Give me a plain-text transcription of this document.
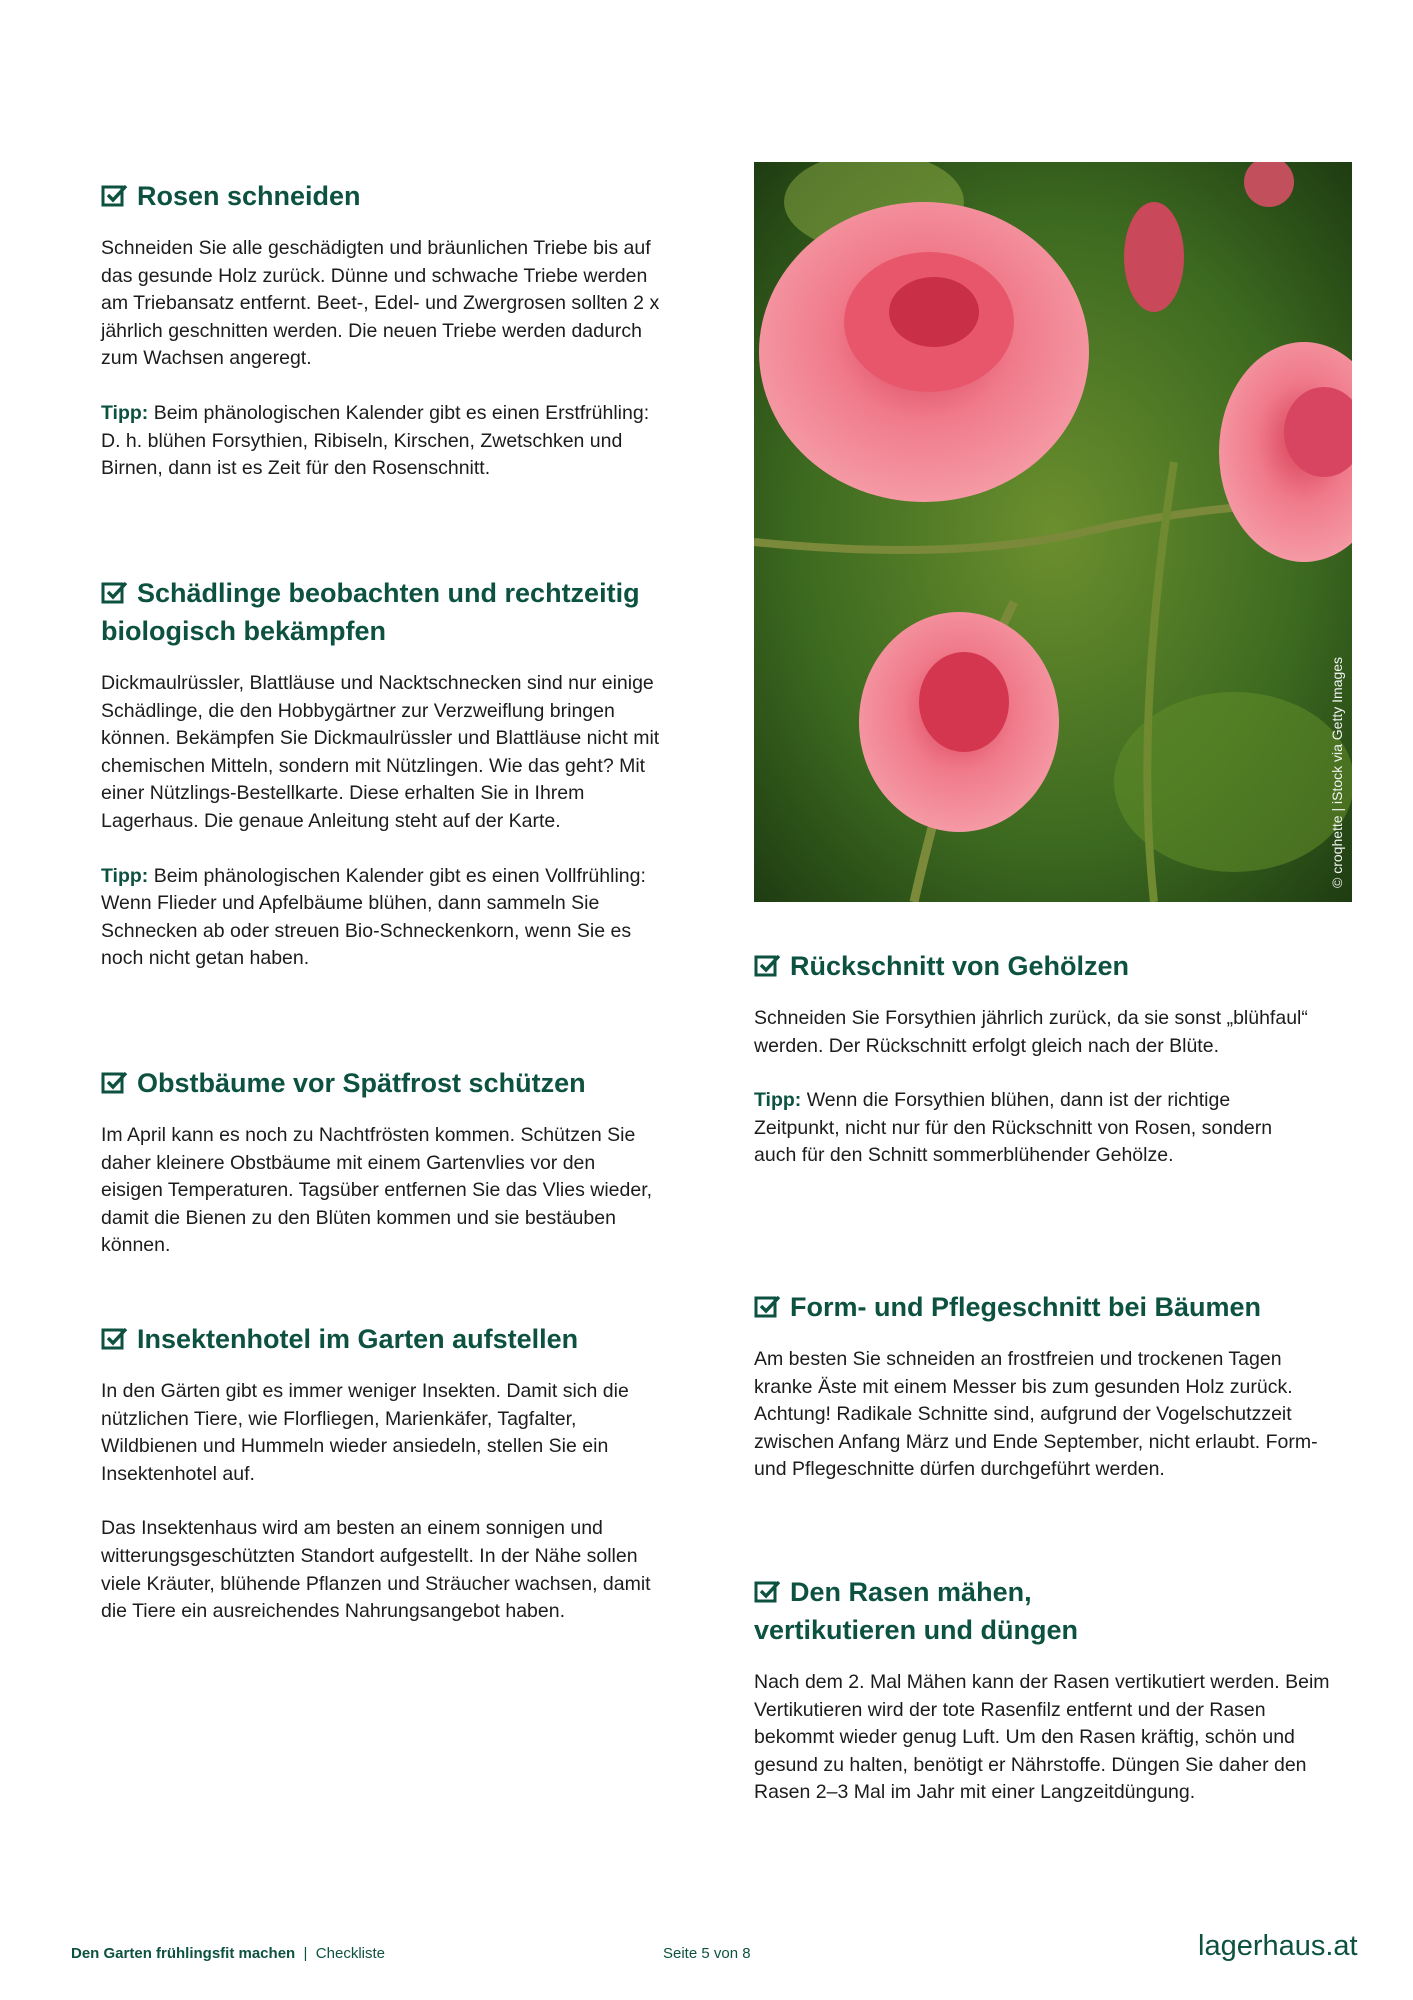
Rosen schneiden

Schneiden Sie alle geschädigten und bräunlichen Triebe bis auf das gesunde Holz zurück. Dünne und schwache Triebe werden am Triebansatz entfernt. Beet-, Edel- und Zwergrosen sollten 2 x jährlich geschnitten werden. Die neuen Triebe werden dadurch zum Wachsen angeregt.

Tipp: Beim phänologischen Kalender gibt es einen Erstfrühling: D. h. blühen Forsythien, Ribiseln, Kirschen, Zwetschken und Birnen, dann ist es Zeit für den Rosenschnitt.

Schädlinge beobachten und rechtzeitig biologisch bekämpfen

Dickmaulrüssler, Blattläuse und Nacktschnecken sind nur einige Schädlinge, die den Hobbygärtner zur Verzweiflung bringen können. Bekämpfen Sie Dickmaulrüssler und Blattläuse nicht mit chemischen Mitteln, sondern mit Nützlingen. Wie das geht? Mit einer Nützlings-Bestellkarte. Diese erhalten Sie in Ihrem Lagerhaus. Die genaue Anleitung steht auf der Karte.

Tipp: Beim phänologischen Kalender gibt es einen Vollfrühling: Wenn Flieder und Apfelbäume blühen, dann sammeln Sie Schnecken ab oder streuen Bio-Schneckenkorn, wenn Sie es noch nicht getan haben.

Obstbäume vor Spätfrost schützen

Im April kann es noch zu Nachtfrösten kommen. Schützen Sie daher kleinere Obstbäume mit einem Gartenvlies vor den eisigen Temperaturen. Tagsüber entfernen Sie das Vlies wieder, damit die Bienen zu den Blüten kommen und sie bestäuben können.

Insektenhotel im Garten aufstellen

In den Gärten gibt es immer weniger Insekten. Damit sich die nützlichen Tiere, wie Florfliegen, Marienkäfer, Tagfalter, Wildbienen und Hummeln wieder ansiedeln, stellen Sie ein Insektenhotel auf.

Das Insektenhaus wird am besten an einem sonnigen und witterungsgeschützten Standort aufgestellt. In der Nähe sollen viele Kräuter, blühende Pflanzen und Sträucher wachsen, damit die Tiere ein ausreichendes Nahrungsangebot haben.

© croqhette | iStock via Getty Images
Rückschnitt von Gehölzen

Schneiden Sie Forsythien jährlich zurück, da sie sonst „blühfaul“ werden. Der Rückschnitt erfolgt gleich nach der Blüte.

Tipp: Wenn die Forsythien blühen, dann ist der richtige Zeitpunkt, nicht nur für den Rückschnitt von Rosen, sondern auch für den Schnitt sommerblühender Gehölze.

Form- und Pflegeschnitt bei Bäumen

Am besten Sie schneiden an frostfreien und trockenen Tagen kranke Äste mit einem Messer bis zum gesunden Holz zurück. Achtung! Radikale Schnitte sind, aufgrund der Vogelschutzzeit zwischen Anfang März und Ende September, nicht erlaubt. Form- und Pflegeschnitte dürfen durchgeführt werden.

Den Rasen mähen, vertikutieren und düngen

Nach dem 2. Mal Mähen kann der Rasen vertikutiert werden. Beim Vertikutieren wird der tote Rasenfilz entfernt und der Rasen bekommt wieder genug Luft. Um den Rasen kräftig, schön und gesund zu halten, benötigt er Nährstoffe. Düngen Sie daher den Rasen 2–3 Mal im Jahr mit einer Langzeitdüngung.

Den Garten frühlingsfit machen | Checkliste	Seite 5 von 8	lagerhaus.at
